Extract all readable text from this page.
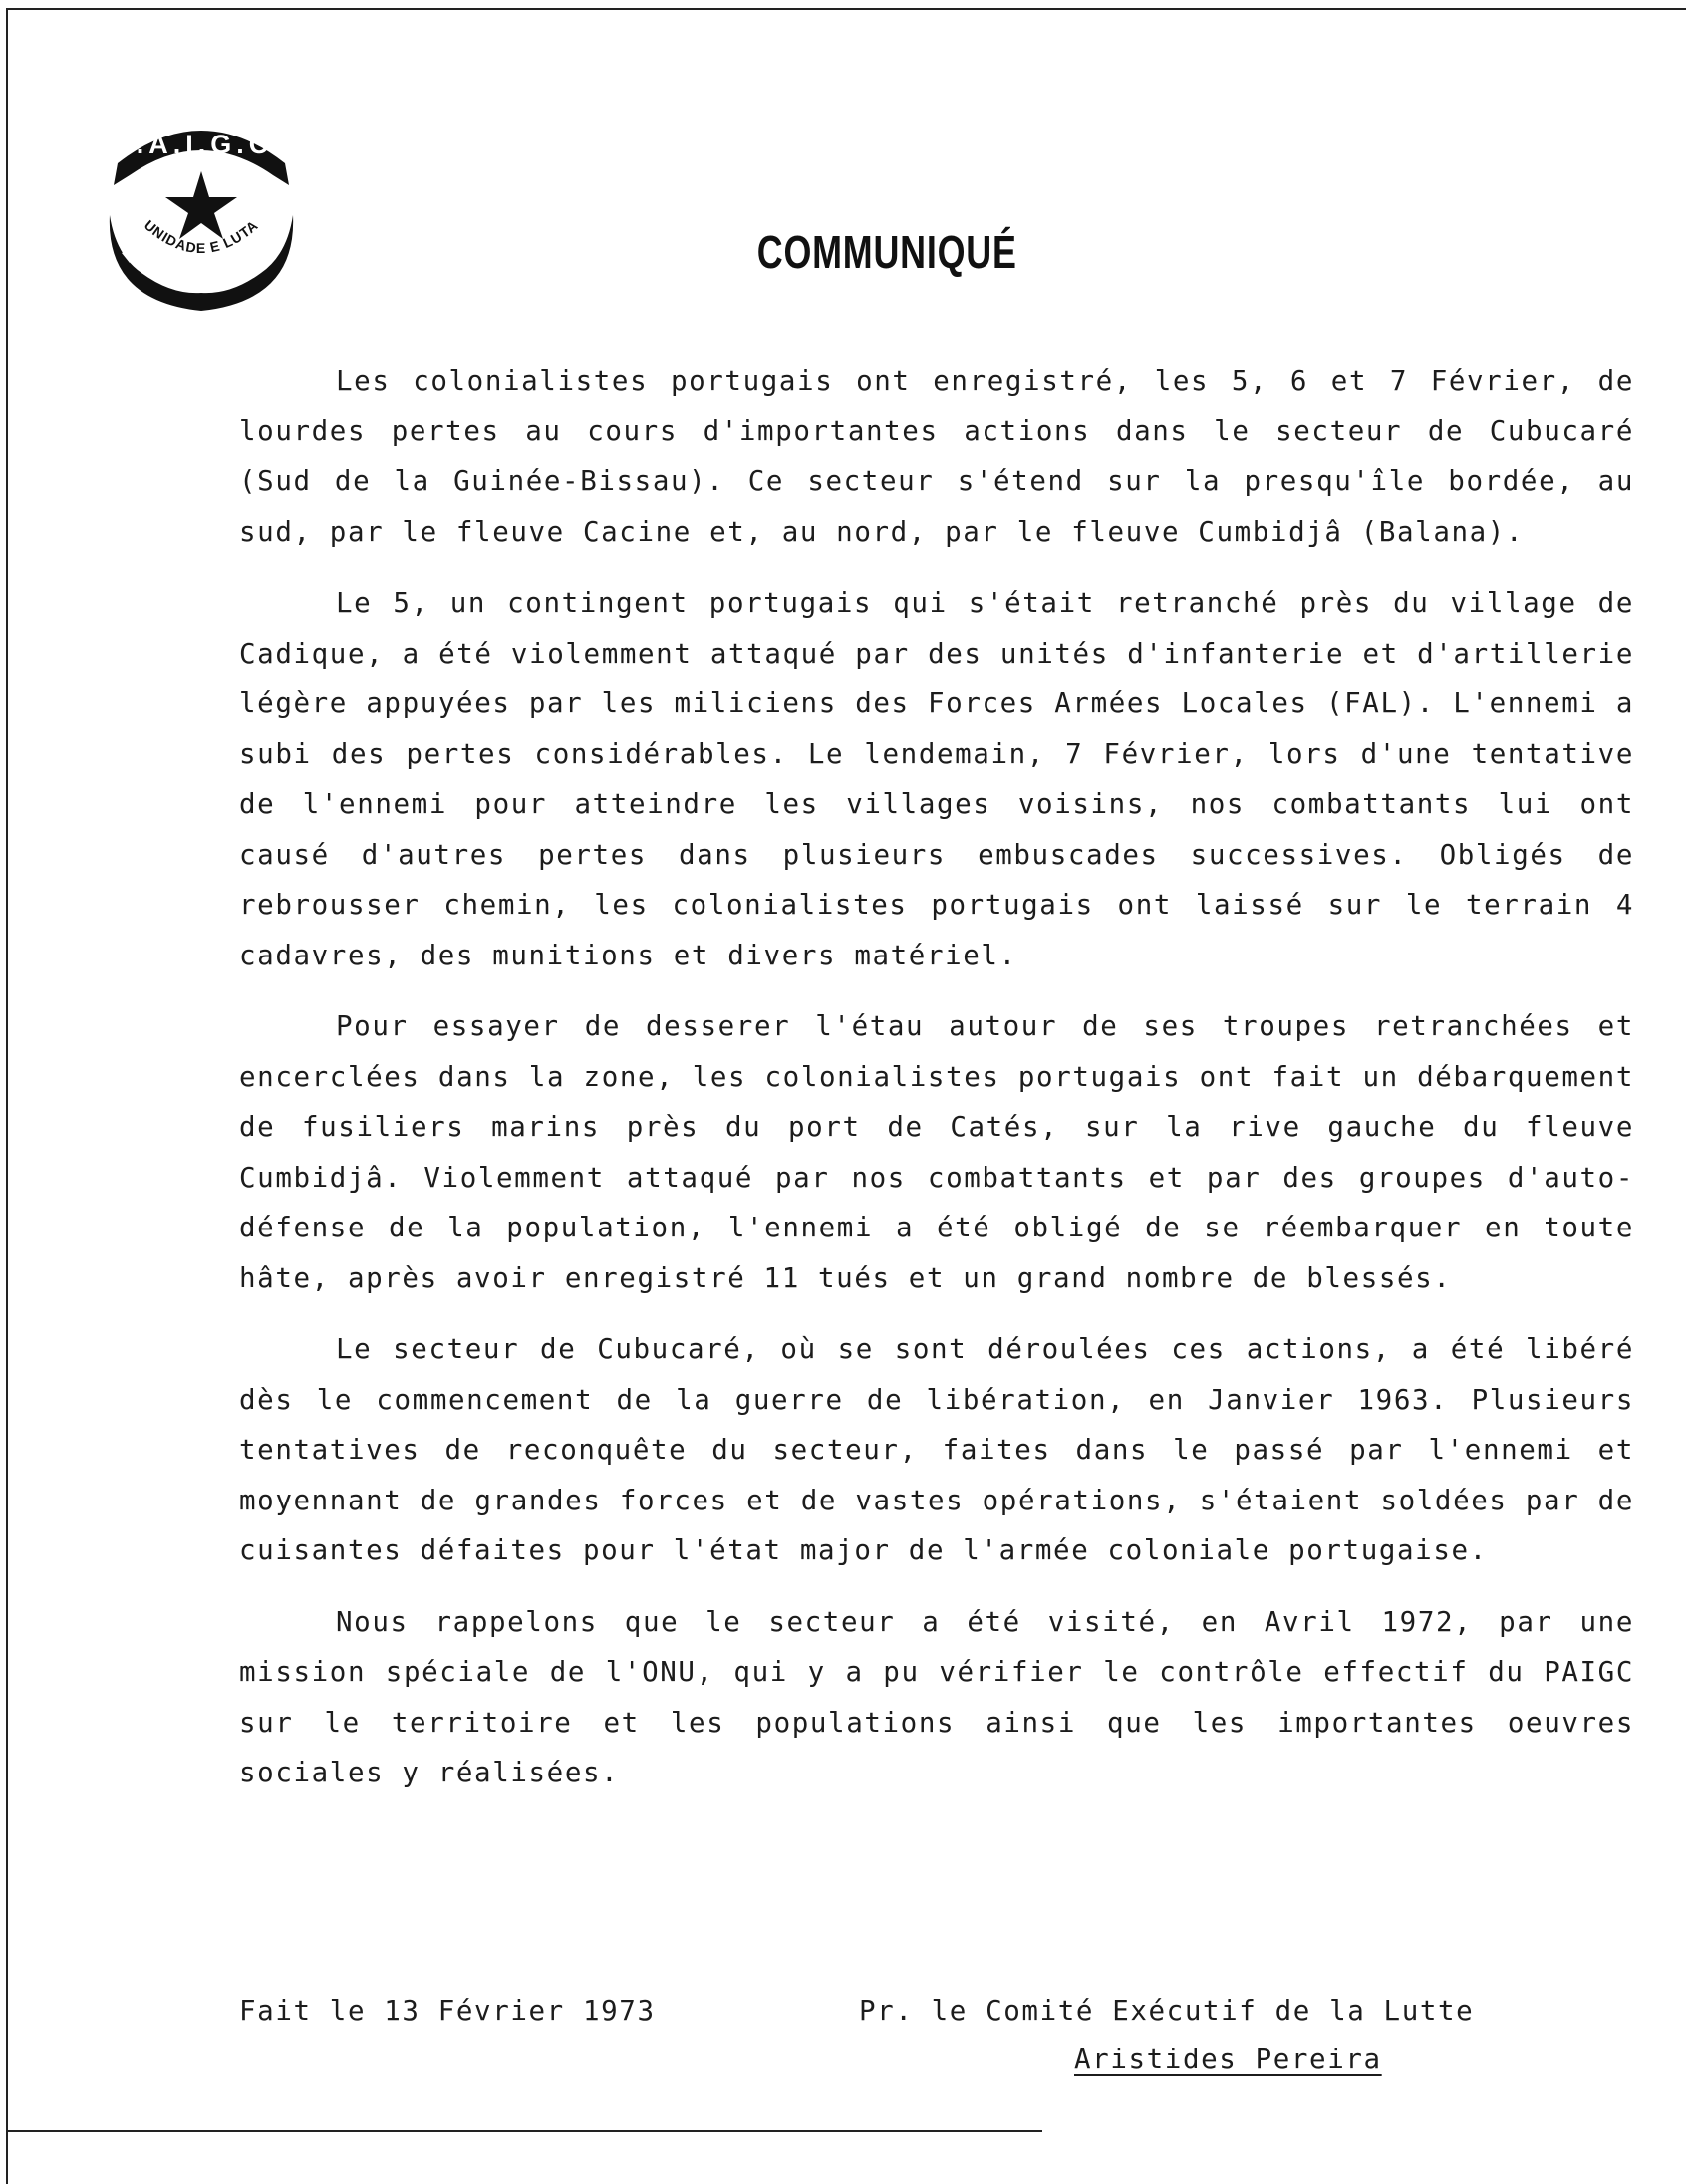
P.A.I.G.C.
UNIDADE E LUTA	COMMUNIQUÉ

Les colonialistes portugais ont enregistré, les 5, 6 et 7 Février, de lourdes pertes au cours d'importantes actions dans le secteur de Cubucaré (Sud de la Guinée-Bissau). Ce secteur s'étend sur la presqu'île bordée, au sud, par le fleuve Cacine et, au nord, par le fleuve Cumbidjâ (Balana).

Le 5, un contingent portugais qui s'était retranché près du village de Cadique, a été violemment attaqué par des unités d'infanterie et d'artillerie légère appuyées par les miliciens des Forces Armées Locales (FAL). L'ennemi a subi des pertes considérables. Le lendemain, 7 Février, lors d'une tentative de l'ennemi pour atteindre les villages voisins, nos combattants lui ont causé d'autres pertes dans plusieurs embuscades successives. Obligés de rebrousser chemin, les colonialistes portugais ont laissé sur le terrain 4 cadavres, des munitions et divers matériel.

Pour essayer de desserer l'étau autour de ses troupes retranchées et encerclées dans la zone, les colonialistes portugais ont fait un débarquement de fusiliers marins près du port de Catés, sur la rive gauche du fleuve Cumbidjâ. Violemment attaqué par nos combattants et par des groupes d'auto-défense de la population, l'ennemi a été obligé de se réembarquer en toute hâte, après avoir enregistré 11 tués et un grand nombre de blessés.

Le secteur de Cubucaré, où se sont déroulées ces actions, a été libéré dès le commencement de la guerre de libération, en Janvier 1963. Plusieurs tentatives de reconquête du secteur, faites dans le passé par l'ennemi et moyennant de grandes forces et de vastes opérations, s'étaient soldées par de cuisantes défaites pour l'état major de l'armée coloniale portugaise.

Nous rappelons que le secteur a été visité, en Avril 1972, par une mission spéciale de l'ONU, qui y a pu vérifier le contrôle effectif du PAIGC sur le territoire et les populations ainsi que les importantes oeuvres sociales y réalisées.

Fait le 13 Février 1973	Pr. le Comité Exécutif de la Lutte
Aristides Pereira
